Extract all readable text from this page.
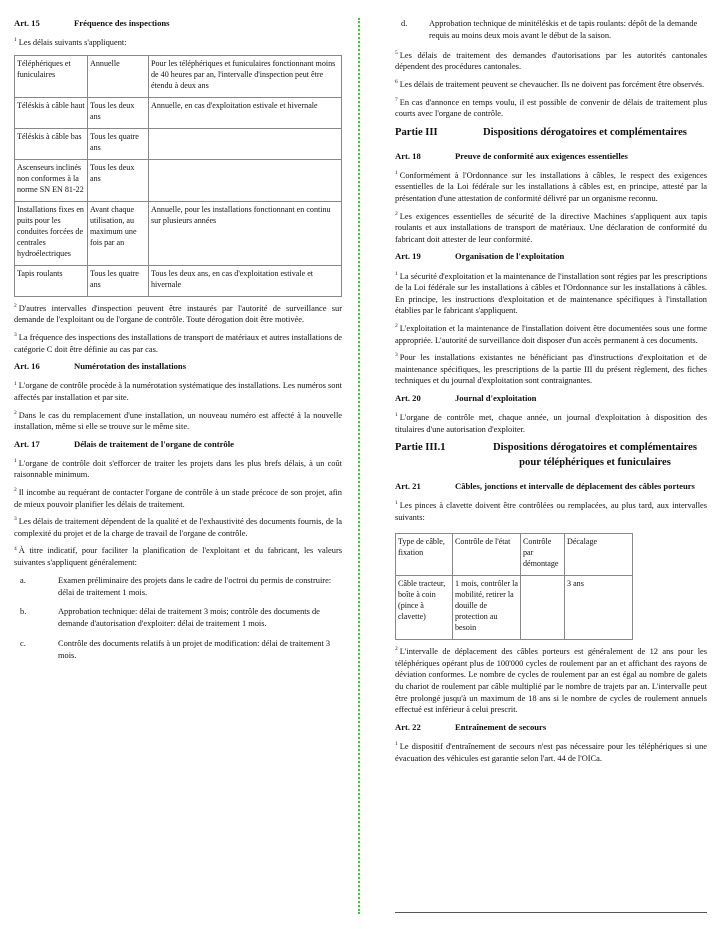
Art. 15	Fréquence des inspections

$^1$ Les délais suivants s'appliquent:

Téléphériques et funiculaires	Annuelle	Pour les téléphériques et funiculaires fonctionnant moins de 40 heures par an, l'intervalle d'inspection peut être étendu à deux ans
Téléskis à câble haut	Tous les deux ans	Annuelle, en cas d'exploitation estivale et hivernale
Téléskis à câble bas	Tous les quatre ans	
Ascenseurs inclinés non conformes à la norme SN EN 81-22	Tous les deux ans	
Installations fixes en puits pour les conduites forcées de centrales hydroélectriques	Avant chaque utilisation, au maximum une fois par an	Annuelle, pour les installations fonctionnant en continu sur plusieurs années
Tapis roulants	Tous les quatre ans	Tous les deux ans, en cas d'exploitation estivale et hivernale

$^2$ D'autres intervalles d'inspection peuvent être instaurés par l'autorité de surveillance sur demande de l'exploitant ou de l'organe de contrôle. Toute dérogation doit être motivée.

$^3$ La fréquence des inspections des installations de transport de matériaux et autres installations de catégorie C doit être définie au cas par cas.

Art. 16	Numérotation des installations

$^1$ L'organe de contrôle procède à la numérotation systématique des installations. Les numéros sont affectés par installation et par site.

$^2$ Dans le cas du remplacement d'une installation, un nouveau numéro est affecté à la nouvelle installation, même si elle se trouve sur le même site.

Art. 17	Délais de traitement de l'organe de contrôle

$^1$ L'organe de contrôle doit s'efforcer de traiter les projets dans les plus brefs délais, à un coût raisonnable minimum.

$^2$ Il incombe au requérant de contacter l'organe de contrôle à un stade précoce de son projet, afin de mieux pouvoir planifier les délais de traitement.

$^3$ Les délais de traitement dépendent de la qualité et de l'exhaustivité des documents fournis, de la complexité du projet et de la charge de travail de l'organe de contrôle.

$^4$ À titre indicatif, pour faciliter la planification de l'exploitant et du fabricant, les valeurs suivantes s'appliquent généralement:

a.	Examen préliminaire des projets dans le cadre de l'octroi du permis de construire: délai de traitement 1 mois.
b.	Approbation technique: délai de traitement 3 mois; contrôle des documents de demande d'autorisation d'exploiter: délai de traitement 1 mois.
c.	Contrôle des documents relatifs à un projet de modification: délai de traitement 3 mois.
d.	Approbation technique de minitéléskis et de tapis roulants: dépôt de la demande requis au moins deux mois avant le début de la saison.

$^5$ Les délais de traitement des demandes d'autorisations par les autorités cantonales dépendent des procédures cantonales.

$^6$ Les délais de traitement peuvent se chevaucher. Ils ne doivent pas forcément être observés.

$^7$ En cas d'annonce en temps voulu, il est possible de convenir de délais de traitement plus courts avec l'organe de contrôle.

Partie III	Dispositions dérogatoires et complémentaires
Art. 18	Preuve de conformité aux exigences essentielles

$^1$ Conformément à l'Ordonnance sur les installations à câbles, le respect des exigences essentielles de la Loi fédérale sur les installations à câbles est, en principe, attesté par la présentation d'une attestation de conformité délivré par un organisme reconnu.

$^2$ Les exigences essentielles de sécurité de la directive Machines s'appliquent aux tapis roulants et aux installations de transport de matériaux. Une déclaration de conformité du fabricant doit attester de leur conformité.

Art. 19	Organisation de l'exploitation

$^1$ La sécurité d'exploitation et la maintenance de l'installation sont régies par les prescriptions de la Loi fédérale sur les installations à câbles et l'Ordonnance sur les installations à câbles. En principe, les instructions d'exploitation et de maintenance spécifiques à l'installation établies par le fabricant s'appliquent.

$^2$ L'exploitation et la maintenance de l'installation doivent être documentées sous une forme appropriée. L'autorité de surveillance doit disposer d'un accès permanent à ces documents.

$^3$ Pour les installations existantes ne bénéficiant pas d'instructions d'exploitation et de maintenance spécifiques, les prescriptions de la partie III du présent règlement, des fiches techniques et du journal d'exploitation sont contraignantes.

Art. 20	Journal d'exploitation

$^1$ L'organe de contrôle met, chaque année, un journal d'exploitation à disposition des titulaires d'une autorisation d'exploiter.

Partie III.1	Dispositions dérogatoires et complémentaires pour téléphériques et funiculaires
Art. 21	Câbles, jonctions et intervalle de déplacement des câbles porteurs

$^1$ Les pinces à clavette doivent être contrôlées ou remplacées, au plus tard, aux intervalles suivants:

Type de câble, fixation	Contrôle de l'état	Contrôle par démontage	Décalage
Câble tracteur, boîte à coin (pince à clavette)	1 mois, contrôler la mobilité, retirer la douille de protection au besoin		3 ans

$^2$ L'intervalle de déplacement des câbles porteurs est généralement de 12 ans pour les téléphériques opérant plus de 100'000 cycles de roulement par an et affichant des rayons de déviation conformes. Le nombre de cycles de roulement par an est égal au nombre de galets du chariot de roulement par câble multiplié par le nombre de trajets par an. L'intervalle peut être prolongé jusqu'à un maximum de 18 ans si le nombre de cycles de roulement annuels effectué est inférieur à celui prescrit.

Art. 22	Entraînement de secours

$^1$ Le dispositif d'entraînement de secours n'est pas nécessaire pour les téléphériques si une évacuation des véhicules est garantie selon l'art. 44 de l'OICa.
